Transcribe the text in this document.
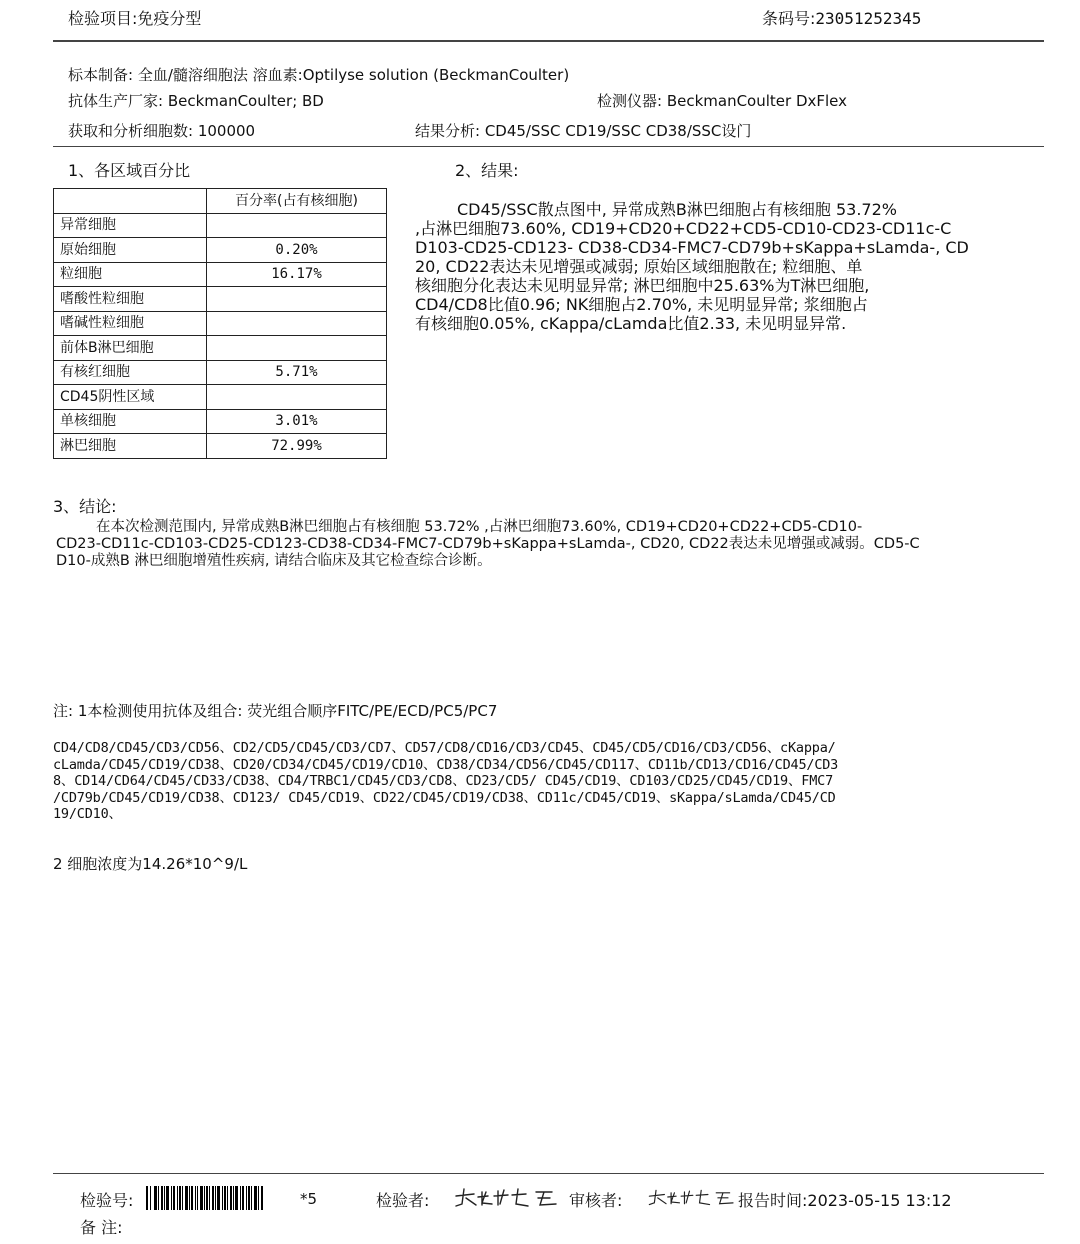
检验项目:免疫分型	条码号:23051252345
标本制备: 全血/髓溶细胞法 溶血素:Optilyse solution (BeckmanCoulter)
抗体生产厂家: BeckmanCoulter; BD	检测仪器: BeckmanCoulter DxFlex
获取和分析细胞数: 100000	结果分析: CD45/SSC CD19/SSC CD38/SSC设门
1、各区域百分比
	百分率(占有核细胞)
异常细胞	
原始细胞	0.20%
粒细胞	16.17%
嗜酸性粒细胞	
嗜碱性粒细胞	
前体B淋巴细胞	
有核红细胞	5.71%
CD45阴性区域	
单核细胞	3.01%
淋巴细胞	72.99%
2、结果:
CD45/SSC散点图中, 异常成熟B淋巴细胞占有核细胞 53.72%
,占淋巴细胞73.60%, CD19+CD20+CD22+CD5-CD10-CD23-CD11c-C
D103-CD25-CD123- CD38-CD34-FMC7-CD79b+sKappa+sLamda-, CD
20, CD22表达未见增强或减弱; 原始区域细胞散在; 粒细胞、单
核细胞分化表达未见明显异常; 淋巴细胞中25.63%为T淋巴细胞,
CD4/CD8比值0.96; NK细胞占2.70%, 未见明显异常; 浆细胞占
有核细胞0.05%, cKappa/cLamda比值2.33, 未见明显异常.
3、结论:
在本次检测范围内, 异常成熟B淋巴细胞占有核细胞 53.72% ,占淋巴细胞73.60%, CD19+CD20+CD22+CD5-CD10-
CD23-CD11c-CD103-CD25-CD123-CD38-CD34-FMC7-CD79b+sKappa+sLamda-, CD20, CD22表达未见增强或减弱。CD5-C
D10-成熟B 淋巴细胞增殖性疾病, 请结合临床及其它检查综合诊断。
注: 1本检测使用抗体及组合: 荧光组合顺序FITC/PE/ECD/PC5/PC7
CD4/CD8/CD45/CD3/CD56、CD2/CD5/CD45/CD3/CD7、CD57/CD8/CD16/CD3/CD45、CD45/CD5/CD16/CD3/CD56、cKappa/
cLamda/CD45/CD19/CD38、CD20/CD34/CD45/CD19/CD10、CD38/CD34/CD56/CD45/CD117、CD11b/CD13/CD16/CD45/CD3
8、CD14/CD64/CD45/CD33/CD38、CD4/TRBC1/CD45/CD3/CD8、CD23/CD5/ CD45/CD19、CD103/CD25/CD45/CD19、FMC7
/CD79b/CD45/CD19/CD38、CD123/ CD45/CD19、CD22/CD45/CD19/CD38、CD11c/CD45/CD19、sKappa/sLamda/CD45/CD
19/CD10、
2 细胞浓度为14.26*10^9/L
检验号:	*5	检验者:	审核者:	报告时间:2023-05-15 13:12
备 注:
